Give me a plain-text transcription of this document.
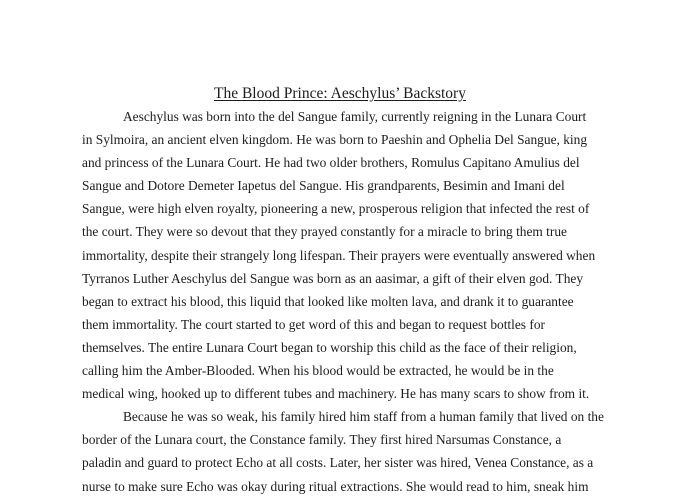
The Blood Prince: Aeschylus’ Backstory
Aeschylus was born into the del Sangue family, currently reigning in the Lunara Court
in Sylmoira, an ancient elven kingdom. He was born to Paeshin and Ophelia Del Sangue, king
and princess of the Lunara Court. He had two older brothers, Romulus Capitano Amulius del
Sangue and Dotore Demeter Iapetus del Sangue. His grandparents, Besimin and Imani del
Sangue, were high elven royalty, pioneering a new, prosperous religion that infected the rest of
the court. They were so devout that they prayed constantly for a miracle to bring them true
immortality, despite their strangely long lifespan. Their prayers were eventually answered when
Tyrranos Luther Aeschylus del Sangue was born as an aasimar, a gift of their elven god. They
began to extract his blood, this liquid that looked like molten lava, and drank it to guarantee
them immortality. The court started to get word of this and began to request bottles for
themselves. The entire Lunara Court began to worship this child as the face of their religion,
calling him the Amber-Blooded. When his blood would be extracted, he would be in the
medical wing, hooked up to different tubes and machinery. He has many scars to show from it.
Because he was so weak, his family hired him staff from a human family that lived on the
border of the Lunara court, the Constance family. They first hired Narsumas Constance, a
paladin and guard to protect Echo at all costs. Later, her sister was hired, Venea Constance, as a
nurse to make sure Echo was okay during ritual extractions. She would read to him, sneak him
